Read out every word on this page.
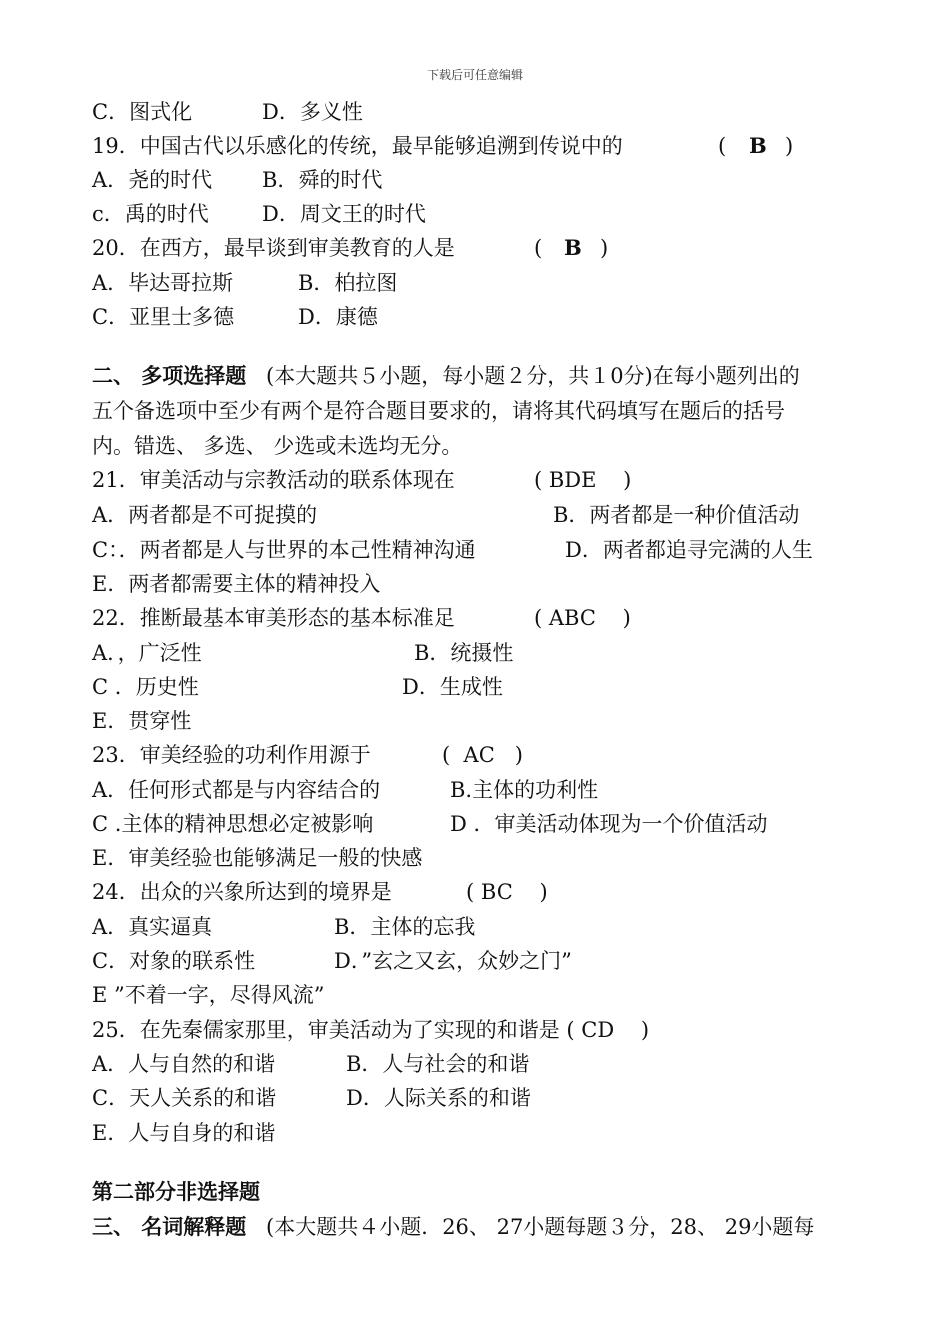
下载后可任意编辑
C．图式化	D．多义性
19．中国古代以乐感化的传统，最早能够追溯到传说中的	( B )
A．尧的时代 B．舜的时代
c．禹的时代	D．周文王的时代
20．在西方，最早谈到审美教育的人是	( B )
A．毕达哥拉斯	B．柏拉图
C．亚里士多德	D．康德
二、 多项选择题 (本大题共５小题，每小题２分，共１0分)在每小题列出的
五个备选项中至少有两个是符合题目要求的，请将其代码填写在题后的括号
内。错选、 多选、 少选或未选均无分。
21．审美活动与宗教活动的联系体现在	( BDE    )
A．两者都是不可捉摸的	B．两者都是一种价值活动
C：．两者都是人与世界的本己性精神沟通	D．两者都追寻完满的人生
E．两者都需要主体的精神投入
22．推断最基本审美形态的基本标准足	( ABC    )
A．，广泛性	B．统摄性
C ．历史性	D．生成性
E．贯穿性
23．审美经验的功利作用源于	(  AC   )
A．任何形式都是与内容结合的	B.主体的功利性
C .主体的精神思想必定被影响	D ．审美活动体现为一个价值活动
E．审美经验也能够满足一般的快感
24．出众的兴象所达到的境界是	( BC    )
A．真实逼真	B．主体的忘我
C．对象的联系性	D．”玄之又玄，众妙之门”
E ”不着一字，尽得风流”
25．在先秦儒家那里，审美活动为了实现的和谐是 ( CD    )
A．人与自然的和谐	B．人与社会的和谐
C．天人关系的和谐	D．人际关系的和谐
E．人与自身的和谐
第二部分非选择题
三、 名词解释题 (本大题共４小题．26、 27小题每题３分，28、 29小题每
